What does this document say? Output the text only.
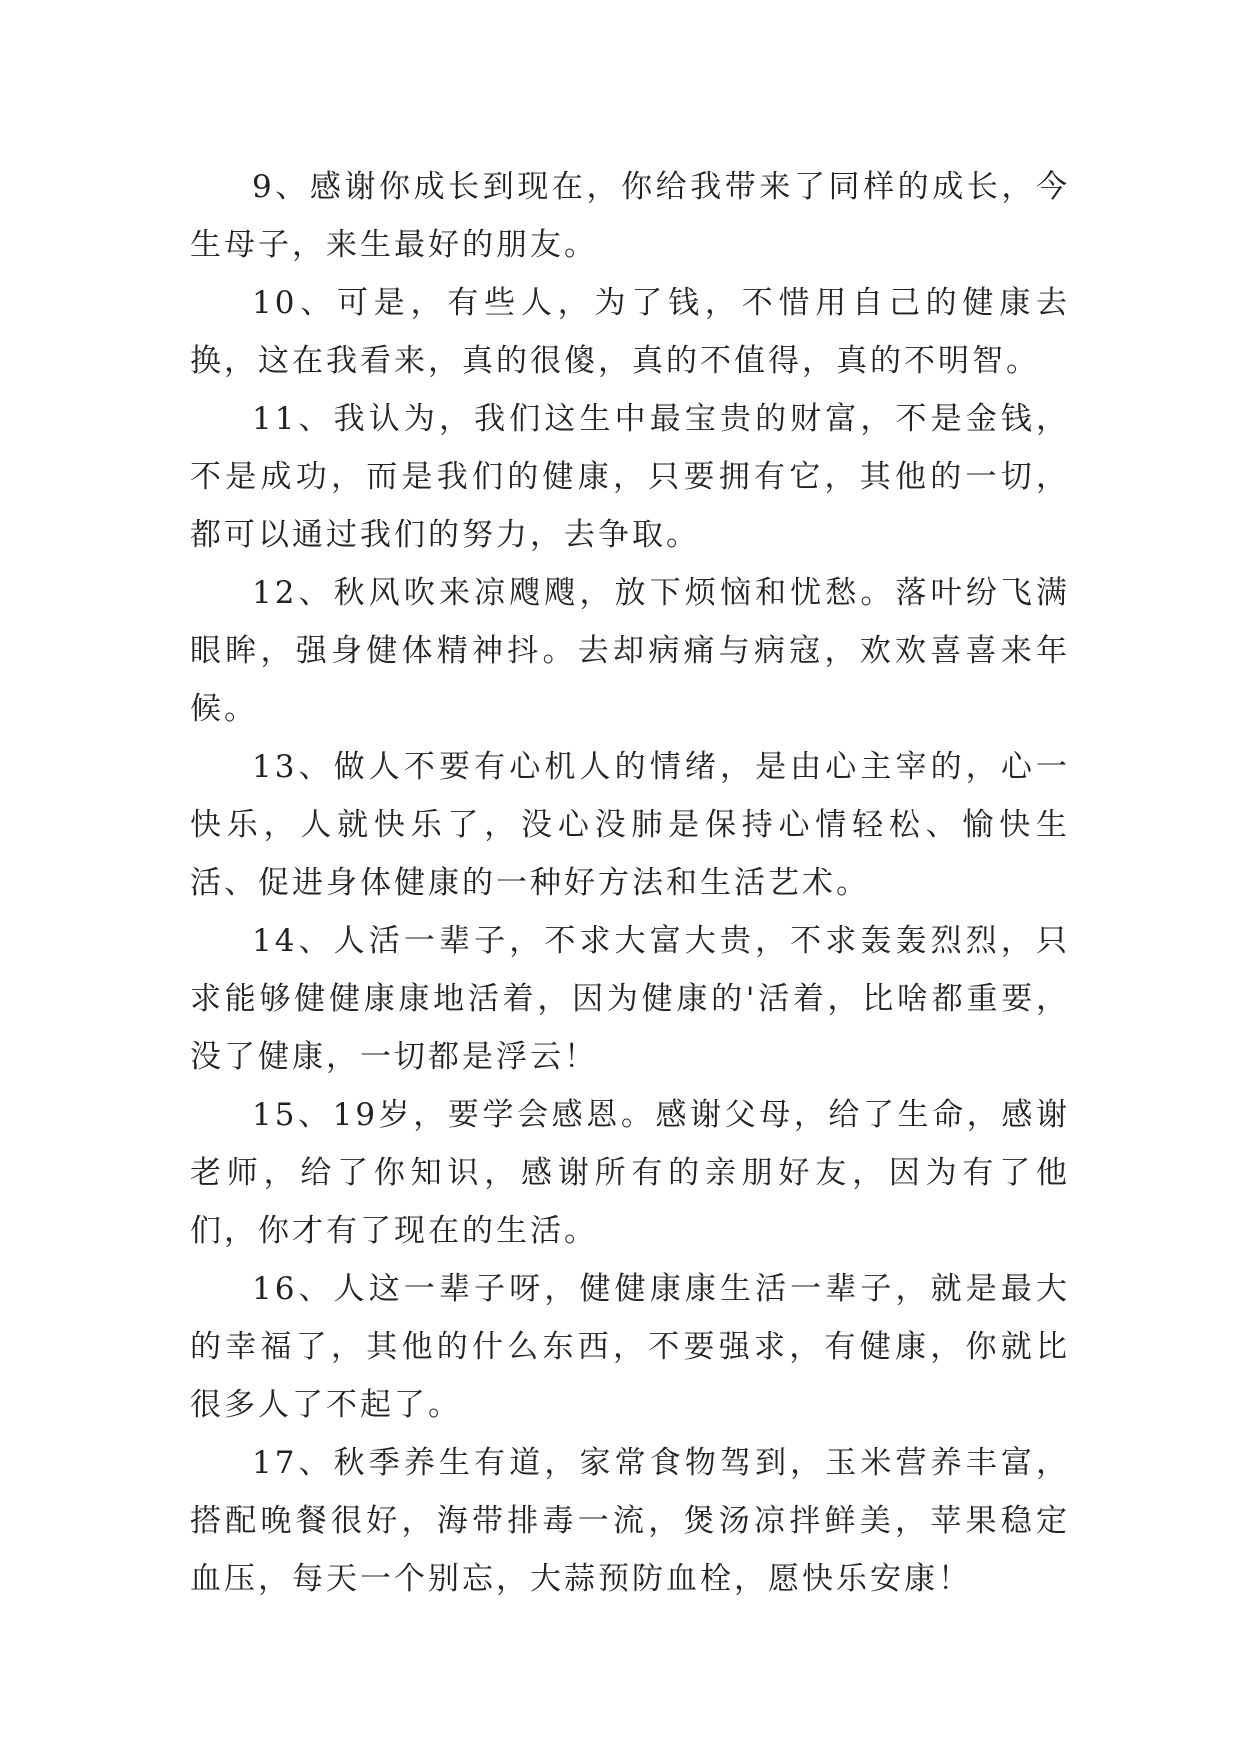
9、感谢你成长到现在，你给我带来了同样的成长，今生母子，来生最好的朋友。

10、可是，有些人，为了钱，不惜用自己的健康去换，这在我看来，真的很傻，真的不值得，真的不明智。

11、我认为，我们这生中最宝贵的财富，不是金钱，不是成功，而是我们的健康，只要拥有它，其他的一切，都可以通过我们的努力，去争取。

12、秋风吹来凉飕飕，放下烦恼和忧愁。落叶纷飞满眼眸，强身健体精神抖。去却病痛与病寇，欢欢喜喜来年候。

13、做人不要有心机人的情绪，是由心主宰的，心一快乐，人就快乐了，没心没肺是保持心情轻松、愉快生活、促进身体健康的一种好方法和生活艺术。

14、人活一辈子，不求大富大贵，不求轰轰烈烈，只求能够健健康康地活着，因为健康的'活着，比啥都重要，没了健康，一切都是浮云！

15、19岁，要学会感恩。感谢父母，给了生命，感谢老师，给了你知识，感谢所有的亲朋好友，因为有了他们，你才有了现在的生活。

16、人这一辈子呀，健健康康生活一辈子，就是最大的幸福了，其他的什么东西，不要强求，有健康，你就比很多人了不起了。

17、秋季养生有道，家常食物驾到，玉米营养丰富，搭配晚餐很好，海带排毒一流，煲汤凉拌鲜美，苹果稳定血压，每天一个别忘，大蒜预防血栓，愿快乐安康！
